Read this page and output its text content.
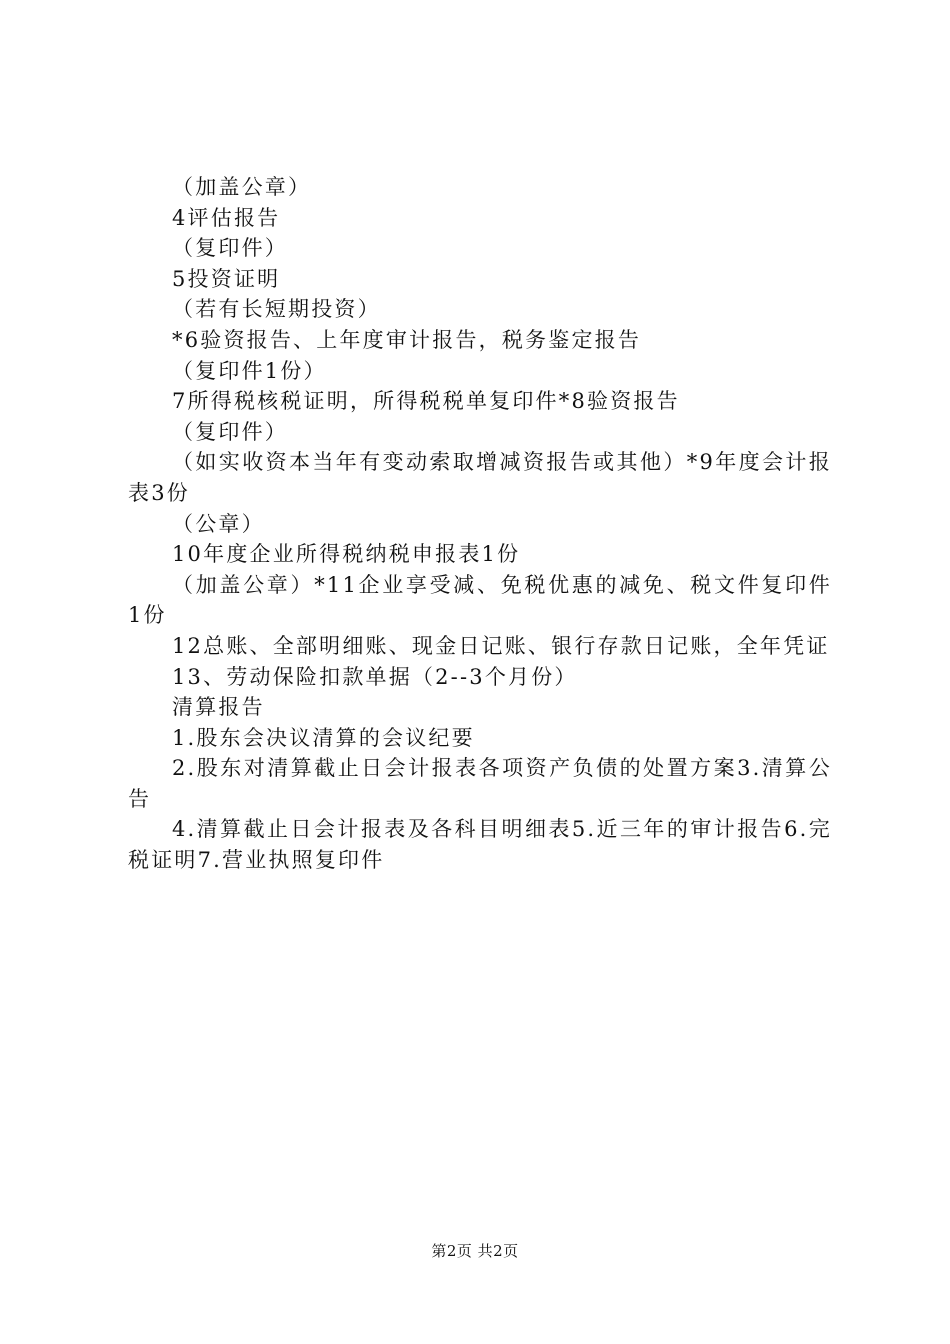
（加盖公章）

4评估报告

（复印件）

5投资证明

（若有长短期投资）

*6验资报告、上年度审计报告，税务鉴定报告

（复印件1份）

7所得税核税证明，所得税税单复印件*8验资报告

（复印件）

（如实收资本当年有变动索取增减资报告或其他）*9年度会计报表3份

（公章）

10年度企业所得税纳税申报表1份

（加盖公章）*11企业享受减、免税优惠的减免、税文件复印件1份

12总账、全部明细账、现金日记账、银行存款日记账，全年凭证

13、劳动保险扣款单据（2--3个月份）

清算报告

1.股东会决议清算的会议纪要

2.股东对清算截止日会计报表各项资产负债的处置方案3.清算公告

4.清算截止日会计报表及各科目明细表5.近三年的审计报告6.完税证明7.营业执照复印件

第2页 共2页
